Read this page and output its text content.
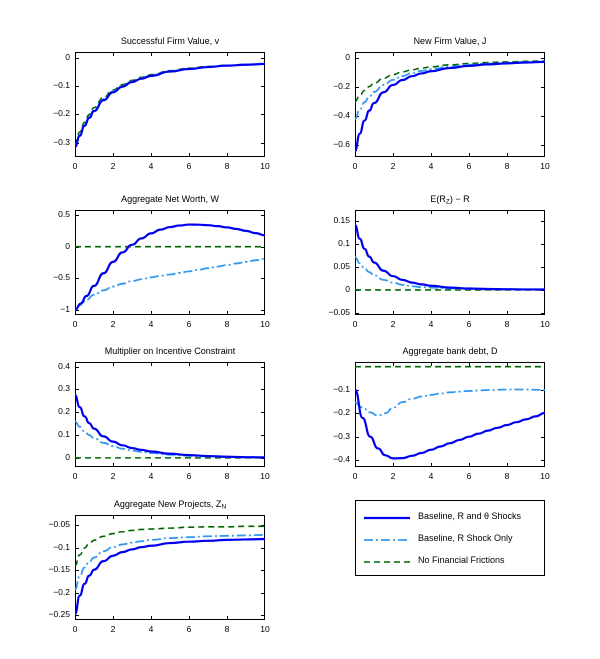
Successful Firm Value, v
−0.3
−0.2
−0.1
0
0	2	4	6	8	10
New Firm Value, J
−0.6
−0.4
−0.2
0
0	2	4	6	8	10
Aggregate Net Worth, W
−1
−0.5
0
0.5
0	2	4	6	8	10
$E(R_Z) - R$
−0.05
0
0.05
0.1
0.15
0	2	4	6	8	10
Multiplier on Incentive Constraint
0
0.1
0.2
0.3
0.4
0	2	4	6	8	10
Aggregate bank debt, D
−0.4
−0.3
−0.2
−0.1
0	2	4	6	8	10
Aggregate New Projects, $Z_N$
−0.25
−0.2
−0.15
−0.1
−0.05
0	2	4	6	8	10
Baseline, R and θ Shocks
Baseline, R Shock Only
No Financial Frictions
